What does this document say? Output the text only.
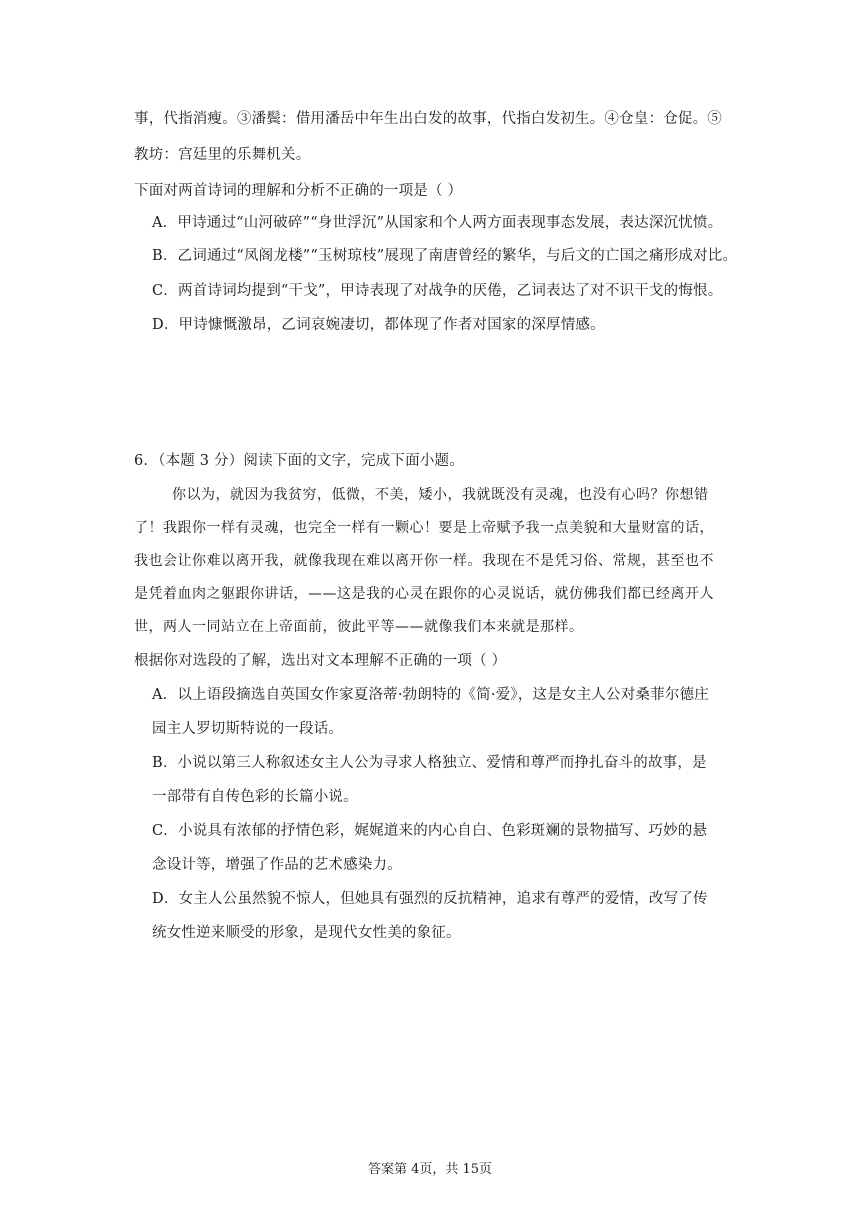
事，代指消瘦。③潘鬓：借用潘岳中年生出白发的故事，代指白发初生。④仓皇：仓促。⑤
教坊：宫廷里的乐舞机关。
下面对两首诗词的理解和分析不正确的一项是（ ）
A．甲诗通过“山河破碎”“身世浮沉”从国家和个人两方面表现事态发展，表达深沉忧愤。
B．乙词通过“凤阁龙楼”“玉树琼枝”展现了南唐曾经的繁华，与后文的亡国之痛形成对比。
C．两首诗词均提到“干戈”，甲诗表现了对战争的厌倦，乙词表达了对不识干戈的悔恨。
D．甲诗慷慨激昂，乙词哀婉凄切，都体现了作者对国家的深厚情感。
6．（本题 3 分）阅读下面的文字，完成下面小题。
你以为，就因为我贫穷，低微，不美，矮小，我就既没有灵魂，也没有心吗？你想错
了！我跟你一样有灵魂，也完全一样有一颗心！要是上帝赋予我一点美貌和大量财富的话，
我也会让你难以离开我，就像我现在难以离开你一样。我现在不是凭习俗、常规，甚至也不
是凭着血肉之躯跟你讲话，——这是我的心灵在跟你的心灵说话，就仿佛我们都已经离开人
世，两人一同站立在上帝面前，彼此平等——就像我们本来就是那样。
根据你对选段的了解，选出对文本理解不正确的一项（ ）
A．以上语段摘选自英国女作家夏洛蒂·勃朗特的《简·爱》，这是女主人公对桑菲尔德庄
园主人罗切斯特说的一段话。
B．小说以第三人称叙述女主人公为寻求人格独立、爱情和尊严而挣扎奋斗的故事，是
一部带有自传色彩的长篇小说。
C．小说具有浓郁的抒情色彩，娓娓道来的内心自白、色彩斑斓的景物描写、巧妙的悬
念设计等，增强了作品的艺术感染力。
D．女主人公虽然貌不惊人，但她具有强烈的反抗精神，追求有尊严的爱情，改写了传
统女性逆来顺受的形象，是现代女性美的象征。
答案第 4页，共 15页
